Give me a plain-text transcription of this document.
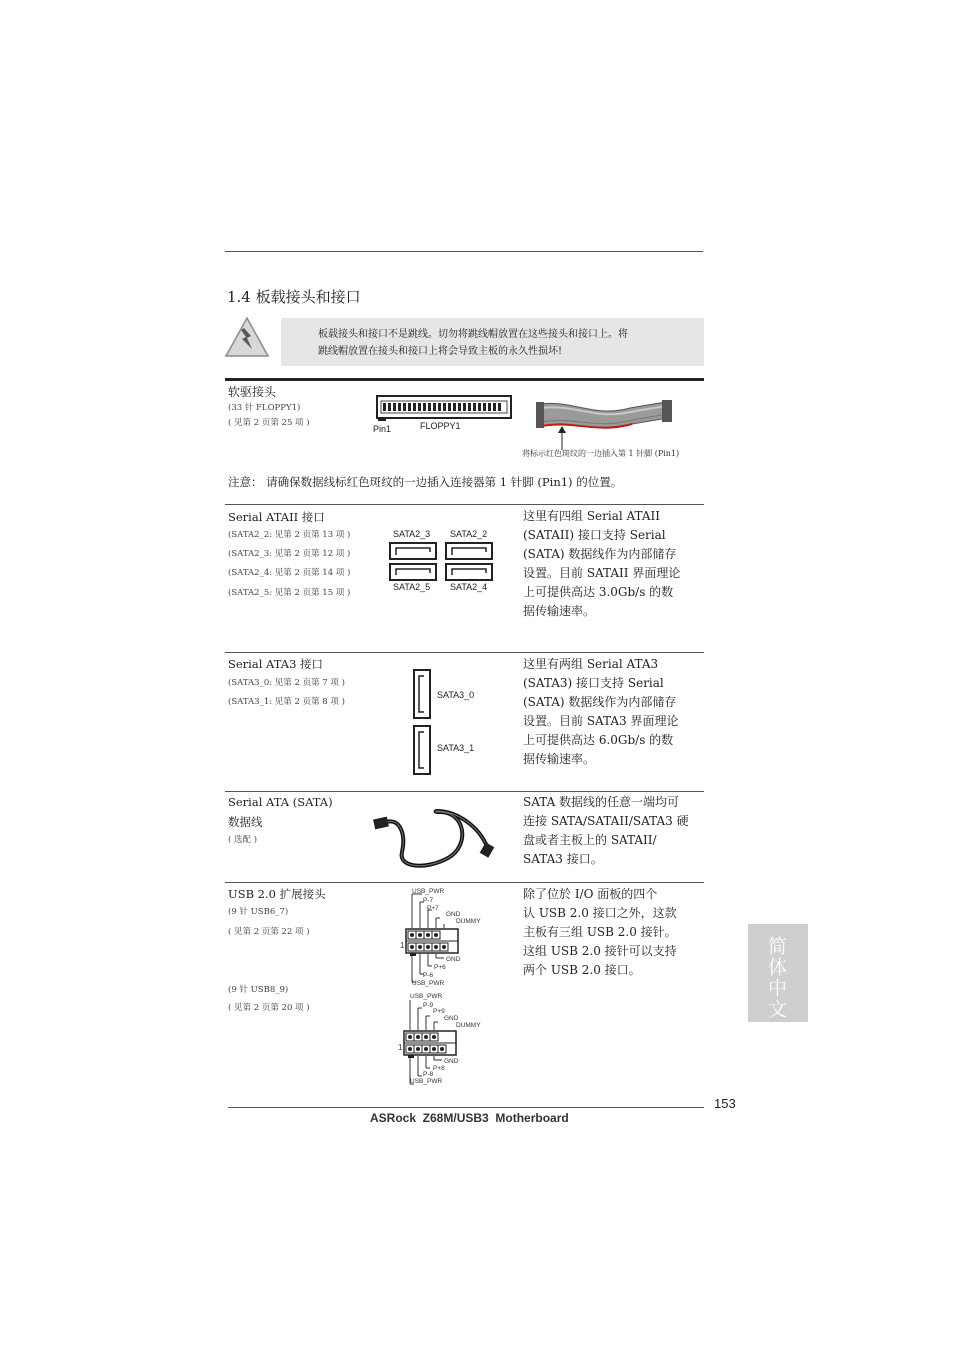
1.4 板载接头和接口
板载接头和接口不是跳线。切勿将跳线帽放置在这些接头和接口上。将
跳线帽放置在接头和接口上将会导致主板的永久性损坏!
软驱接头
(33 针 FLOPPY1)
( 见第 2 页第 25 项 )
Pin1	FLOPPY1
将标示红色斑纹的一边插入第 1 针脚 (Pin1)
注意： 请确保数据线标红色斑纹的一边插入连接器第 1 针脚 (Pin1) 的位置。
Serial ATAII 接口
(SATA2_2: 见第 2 页第 13 项 )
(SATA2_3: 见第 2 页第 12 项 )
(SATA2_4: 见第 2 页第 14 项 )
(SATA2_5: 见第 2 页第 15 项 )
SATA2_3 SATA2_2
SATA2_5 SATA2_4
这里有四组 Serial ATAII
(SATAII) 接口支持 Serial
(SATA) 数据线作为内部储存
设置。目前 SATAII 界面理论
上可提供高达 3.0Gb/s 的数
据传输速率。
Serial ATA3 接口
(SATA3_0: 见第 2 页第 7 项 )
(SATA3_1: 见第 2 页第 8 项 )
SATA3_0
SATA3_1
这里有两组 Serial ATA3
(SATA3) 接口支持 Serial
(SATA) 数据线作为内部储存
设置。目前 SATA3 界面理论
上可提供高达 6.0Gb/s 的数
据传输速率。
Serial ATA (SATA)
数据线
( 选配 )
SATA 数据线的任意一端均可
连接 SATA/SATAII/SATA3 硬
盘或者主板上的 SATAII/
SATA3 接口。
USB 2.0 扩展接头
(9 针 USB6_7)
( 见第 2 页第 22 项 )
(9 针 USB8_9)
( 见第 2 页第 20 项 )
除了位於 I/O 面板的四个
认 USB 2.0 接口之外，这款
主板有三组 USB 2.0 接针。
这组 USB 2.0 接针可以支持
两个 USB 2.0 接口。
USB_PWR
P-7
P+7
GND
DUMMY
1
GND
P+6
P-6
USB_PWR
USB_PWR
P-9
P+9
GND
DUMMY
1
GND
P+8
P-8
USB_PWR
简体中文
153
ASRock  Z68M/USB3  Motherboard
